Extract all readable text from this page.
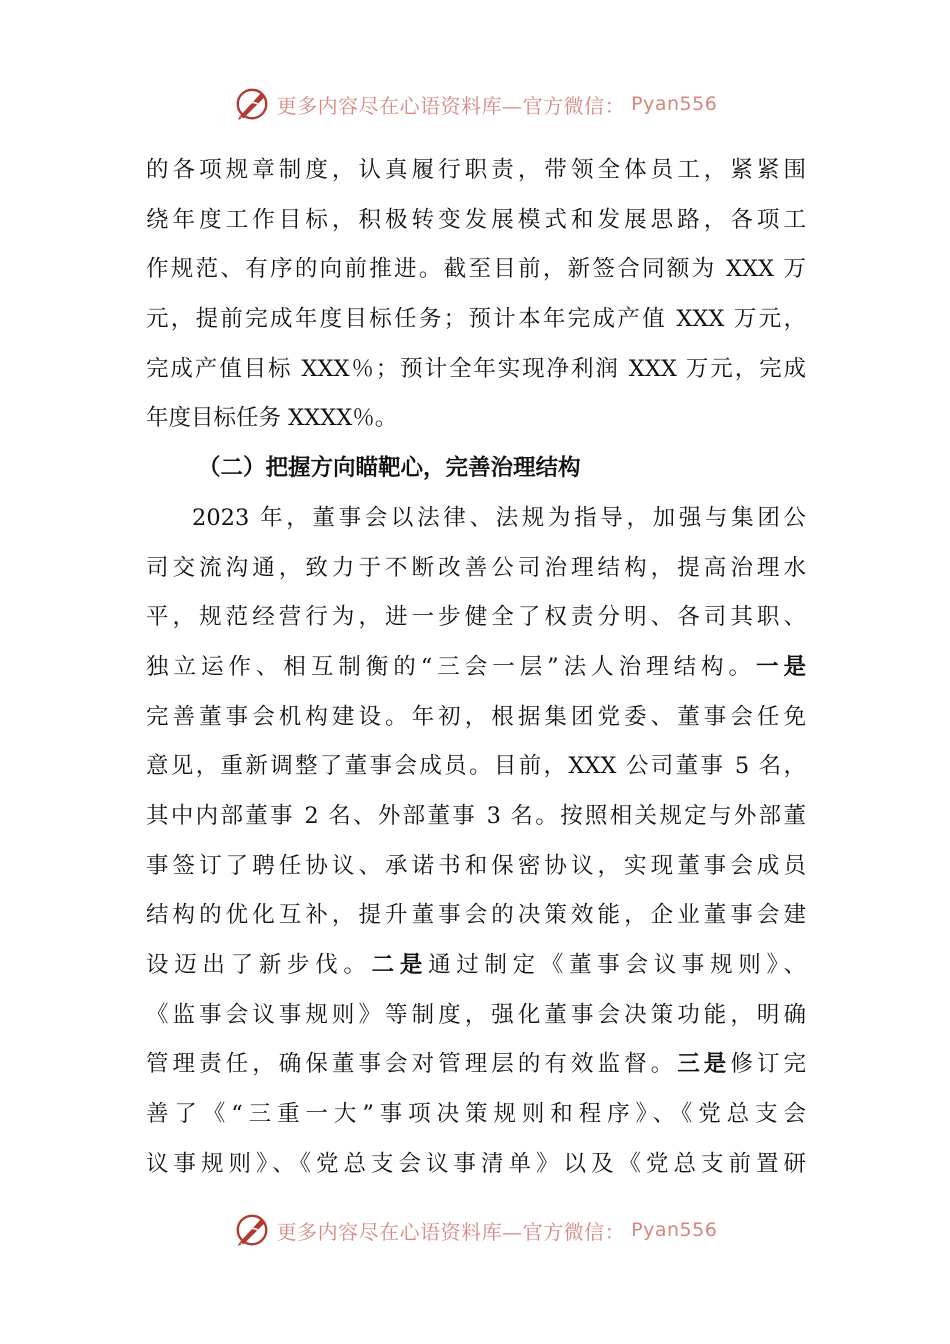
更多内容尽在心语资料库—官方微信： Pyan556
的各项规章制度，认真履行职责，带领全体员工，紧紧围
绕年度工作目标，积极转变发展模式和发展思路，各项工
作规范、有序的向前推进。截至目前，新签合同额为 XXX 万
元，提前完成年度目标任务；预计本年完成产值 XXX 万元，
完成产值目标 XXX％；预计全年实现净利润 XXX 万元，完成
年度目标任务 XXXX％。
（二）把握方向瞄靶心，完善治理结构
2023 年，董事会以法律、法规为指导，加强与集团公
司交流沟通，致力于不断改善公司治理结构，提高治理水
平，规范经营行为，进一步健全了权责分明、各司其职、
独立运作、相互制衡的“三会一层”法人治理结构。一是
完善董事会机构建设。年初，根据集团党委、董事会任免
意见，重新调整了董事会成员。目前，XXX 公司董事 5 名，
其中内部董事 2 名、外部董事 3 名。按照相关规定与外部董
事签订了聘任协议、承诺书和保密协议，实现董事会成员
结构的优化互补，提升董事会的决策效能，企业董事会建
设迈出了新步伐。二是通过制定《董事会议事规则》、
《监事会议事规则》等制度，强化董事会决策功能，明确
管理责任，确保董事会对管理层的有效监督。三是修订完
善了《“三重一大”事项决策规则和程序》、《党总支会
议事规则》、《党总支会议事清单》以及《党总支前置研
更多内容尽在心语资料库—官方微信： Pyan556
